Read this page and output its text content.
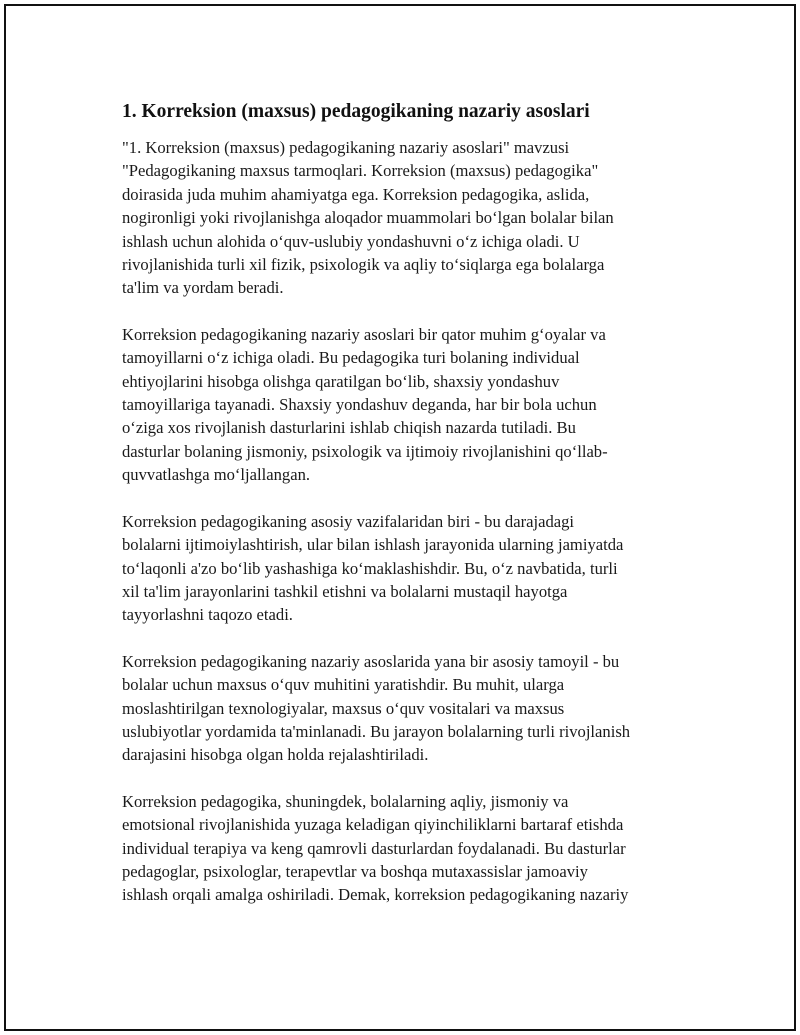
1. Korreksion (maxsus) pedagogikaning nazariy asoslari

"1. Korreksion (maxsus) pedagogikaning nazariy asoslari" mavzusi
"Pedagogikaning maxsus tarmoqlari. Korreksion (maxsus) pedagogika"
doirasida juda muhim ahamiyatga ega. Korreksion pedagogika, aslida,
nogironligi yoki rivojlanishga aloqador muammolari bo‘lgan bolalar bilan
ishlash uchun alohida o‘quv-uslubiy yondashuvni o‘z ichiga oladi. U
rivojlanishida turli xil fizik, psixologik va aqliy to‘siqlarga ega bolalarga
ta'lim va yordam beradi.

Korreksion pedagogikaning nazariy asoslari bir qator muhim g‘oyalar va
tamoyillarni o‘z ichiga oladi. Bu pedagogika turi bolaning individual
ehtiyojlarini hisobga olishga qaratilgan bo‘lib, shaxsiy yondashuv
tamoyillariga tayanadi. Shaxsiy yondashuv deganda, har bir bola uchun
o‘ziga xos rivojlanish dasturlarini ishlab chiqish nazarda tutiladi. Bu
dasturlar bolaning jismoniy, psixologik va ijtimoiy rivojlanishini qo‘llab-
quvvatlashga mo‘ljallangan.

Korreksion pedagogikaning asosiy vazifalaridan biri - bu darajadagi
bolalarni ijtimoiylashtirish, ular bilan ishlash jarayonida ularning jamiyatda
to‘laqonli a'zo bo‘lib yashashiga ko‘maklashishdir. Bu, o‘z navbatida, turli
xil ta'lim jarayonlarini tashkil etishni va bolalarni mustaqil hayotga
tayyorlashni taqozo etadi.

Korreksion pedagogikaning nazariy asoslarida yana bir asosiy tamoyil - bu
bolalar uchun maxsus o‘quv muhitini yaratishdir. Bu muhit, ularga
moslashtirilgan texnologiyalar, maxsus o‘quv vositalari va maxsus
uslubiyotlar yordamida ta'minlanadi. Bu jarayon bolalarning turli rivojlanish
darajasini hisobga olgan holda rejalashtiriladi.

Korreksion pedagogika, shuningdek, bolalarning aqliy, jismoniy va
emotsional rivojlanishida yuzaga keladigan qiyinchiliklarni bartaraf etishda
individual terapiya va keng qamrovli dasturlardan foydalanadi. Bu dasturlar
pedagoglar, psixologlar, terapevtlar va boshqa mutaxassislar jamoaviy
ishlash orqali amalga oshiriladi. Demak, korreksion pedagogikaning nazariy
